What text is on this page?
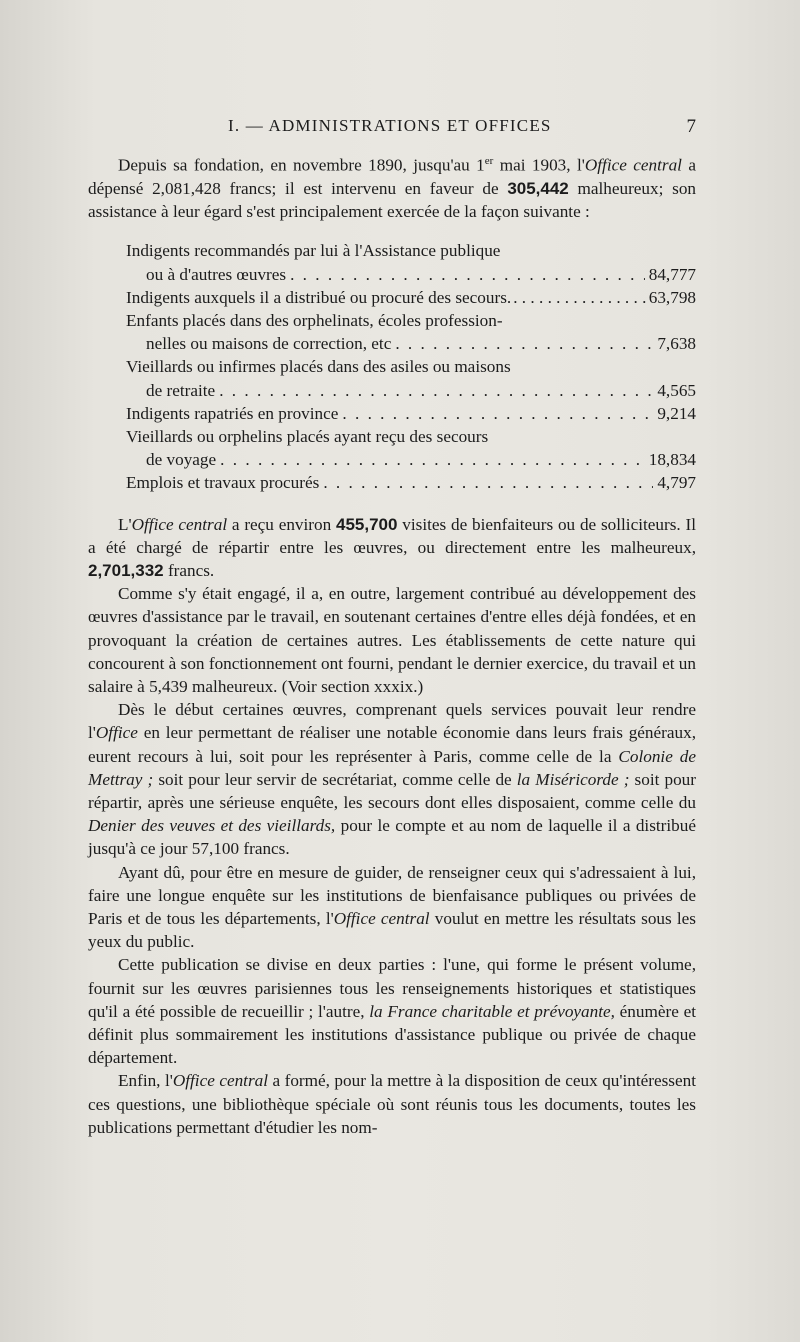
I. — ADMINISTRATIONS ET OFFICES	7

Depuis sa fondation, en novembre 1890, jusqu'au 1er mai 1903, l'Office central a dépensé 2,081,428 francs; il est intervenu en faveur de 305,442 malheureux; son assistance à leur égard s'est principalement exercée de la façon suivante :

Indigents recommandés par lui à l'Assistance publique
ou à d'autres œuvres . . .	84,777
Indigents auxquels il a distribué ou procuré des secours. . . .	63,798
Enfants placés dans des orphelinats, écoles profession-
nelles ou maisons de correction, etc . . .	7,638
Vieillards ou infirmes placés dans des asiles ou maisons
de retraite . . .	4,565
Indigents rapatriés en province . . .	9,214
Vieillards ou orphelins placés ayant reçu des secours
de voyage . . .	18,834
Emplois et travaux procurés . . .	4,797

L'Office central a reçu environ 455,700 visites de bienfaiteurs ou de solliciteurs. Il a été chargé de répartir entre les œuvres, ou directement entre les malheureux, 2,701,332 francs.

Comme s'y était engagé, il a, en outre, largement contribué au développement des œuvres d'assistance par le travail, en soutenant certaines d'entre elles déjà fondées, et en provoquant la création de certaines autres. Les établissements de cette nature qui concourent à son fonctionnement ont fourni, pendant le dernier exercice, du travail et un salaire à 5,439 malheureux. (Voir section xxxix.)

Dès le début certaines œuvres, comprenant quels services pouvait leur rendre l'Office en leur permettant de réaliser une notable économie dans leurs frais généraux, eurent recours à lui, soit pour les représenter à Paris, comme celle de la Colonie de Mettray ; soit pour leur servir de secrétariat, comme celle de la Miséricorde ; soit pour répartir, après une sérieuse enquête, les secours dont elles disposaient, comme celle du Denier des veuves et des vieillards, pour le compte et au nom de laquelle il a distribué jusqu'à ce jour 57,100 francs.

Ayant dû, pour être en mesure de guider, de renseigner ceux qui s'adressaient à lui, faire une longue enquête sur les institutions de bienfaisance publiques ou privées de Paris et de tous les départements, l'Office central voulut en mettre les résultats sous les yeux du public.

Cette publication se divise en deux parties : l'une, qui forme le présent volume, fournit sur les œuvres parisiennes tous les renseignements historiques et statistiques qu'il a été possible de recueillir ; l'autre, la France charitable et prévoyante, énumère et définit plus sommairement les institutions d'assistance publique ou privée de chaque département.

Enfin, l'Office central a formé, pour la mettre à la disposition de ceux qu'intéressent ces questions, une bibliothèque spéciale où sont réunis tous les documents, toutes les publications permettant d'étudier les nom-
